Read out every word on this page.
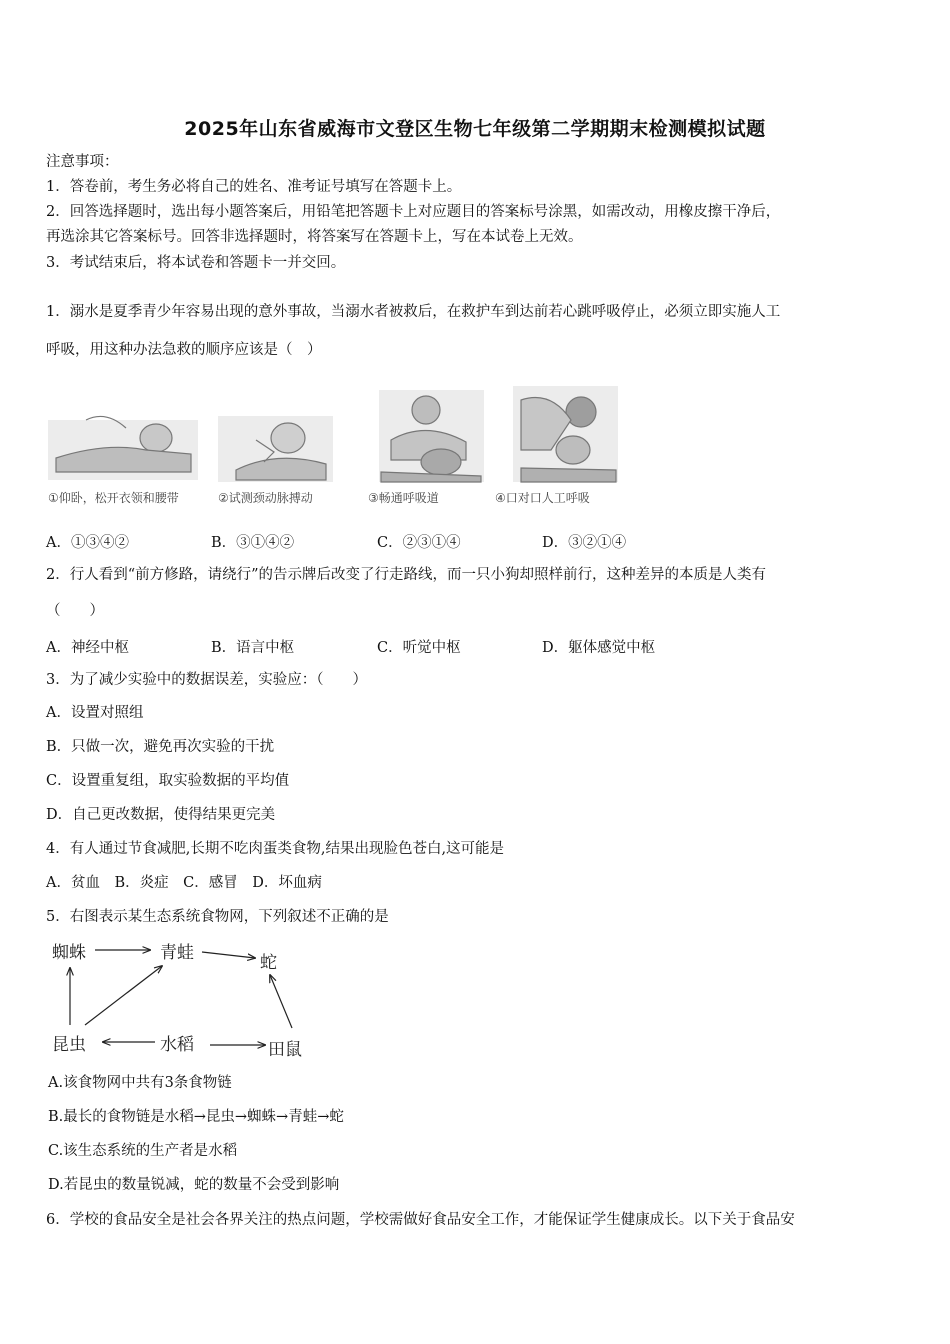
2025年山东省威海市文登区生物七年级第二学期期末检测模拟试题
注意事项：
1．答卷前，考生务必将自己的姓名、准考证号填写在答题卡上。
2．回答选择题时，选出每小题答案后，用铅笔把答题卡上对应题目的答案标号涂黑，如需改动，用橡皮擦干净后，
再选涂其它答案标号。回答非选择题时，将答案写在答题卡上，写在本试卷上无效。
3．考试结束后，将本试卷和答题卡一并交回。
1．溺水是夏季青少年容易出现的意外事故，当溺水者被救后，在救护车到达前若心跳呼吸停止，必须立即实施人工
呼吸，用这种办法急救的顺序应该是（　）
①仰卧，松开衣领和腰带	②试测颈动脉搏动	③畅通呼吸道	④口对口人工呼吸
A．①③④②	B．③①④②	C．②③①④	D．③②①④
2．行人看到“前方修路，请绕行”的告示牌后改变了行走路线，而一只小狗却照样前行，这种差异的本质是人类有
（　　）
A．神经中枢	B．语言中枢	C．听觉中枢	D．躯体感觉中枢
3．为了减少实验中的数据误差，实验应：（　　）
A．设置对照组
B．只做一次，避免再次实验的干扰
C．设置重复组，取实验数据的平均值
D．自己更改数据，使得结果更完美
4．有人通过节食减肥,长期不吃肉蛋类食物,结果出现脸色苍白,这可能是
A．贫血　B．炎症　C．感冒　D．坏血病
5．右图表示某生态系统食物网，下列叙述不正确的是
蜘蛛	青蛙	蛇
昆虫	水稻	田鼠
A.该食物网中共有3条食物链
B.最长的食物链是水稻→昆虫→蜘蛛→青蛙→蛇
C.该生态系统的生产者是水稻
D.若昆虫的数量锐减，蛇的数量不会受到影响
6．学校的食品安全是社会各界关注的热点问题，学校需做好食品安全工作，才能保证学生健康成长。以下关于食品安
